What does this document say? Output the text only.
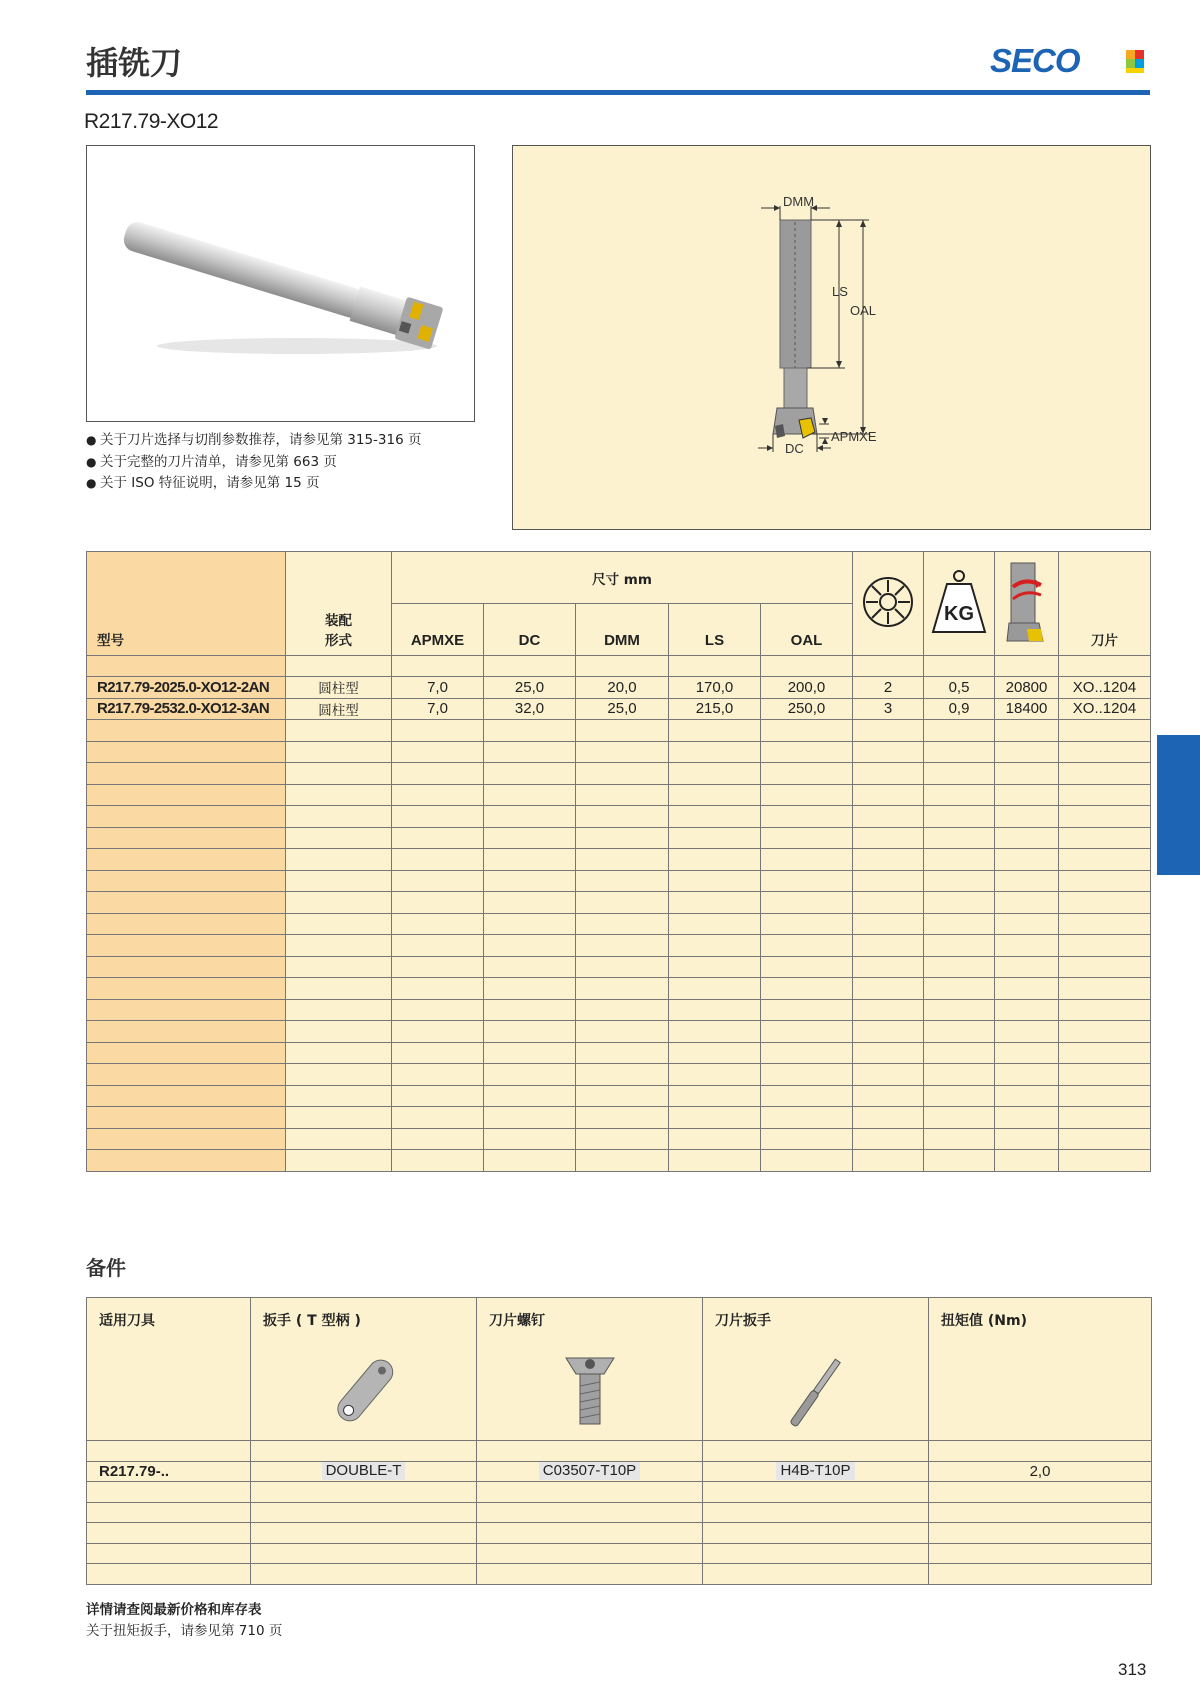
插铣刀	SECO
R217.79-XO12
● 关于刀片选择与切削参数推荐，请参见第 315-316 页
● 关于完整的刀片清单，请参见第 663 页
● 关于 ISO 特征说明，请参见第 15 页
DMM
LS
OAL
DC
APMXE
型号	装配
形式	尺寸 mm						KG		刀片
		APMXE	DC	DMM	LS	OAL				

R217.79-2025.0-XO12-2AN	圆柱型	7,0	25,0	20,0	170,0	200,0	2	0,5	20800	XO..1204
R217.79-2532.0-XO12-3AN	圆柱型	7,0	32,0	25,0	215,0	250,0	3	0,9	18400	XO..1204

备件
适用刀具	扳手 ( T 型柄 )	刀片螺钉	刀片扳手	扭矩值 (Nm)

R217.79-..	DOUBLE-T	C03507-T10P	H4B-T10P	2,0

详情请查阅最新价格和库存表
关于扭矩扳手，请参见第 710 页
313
